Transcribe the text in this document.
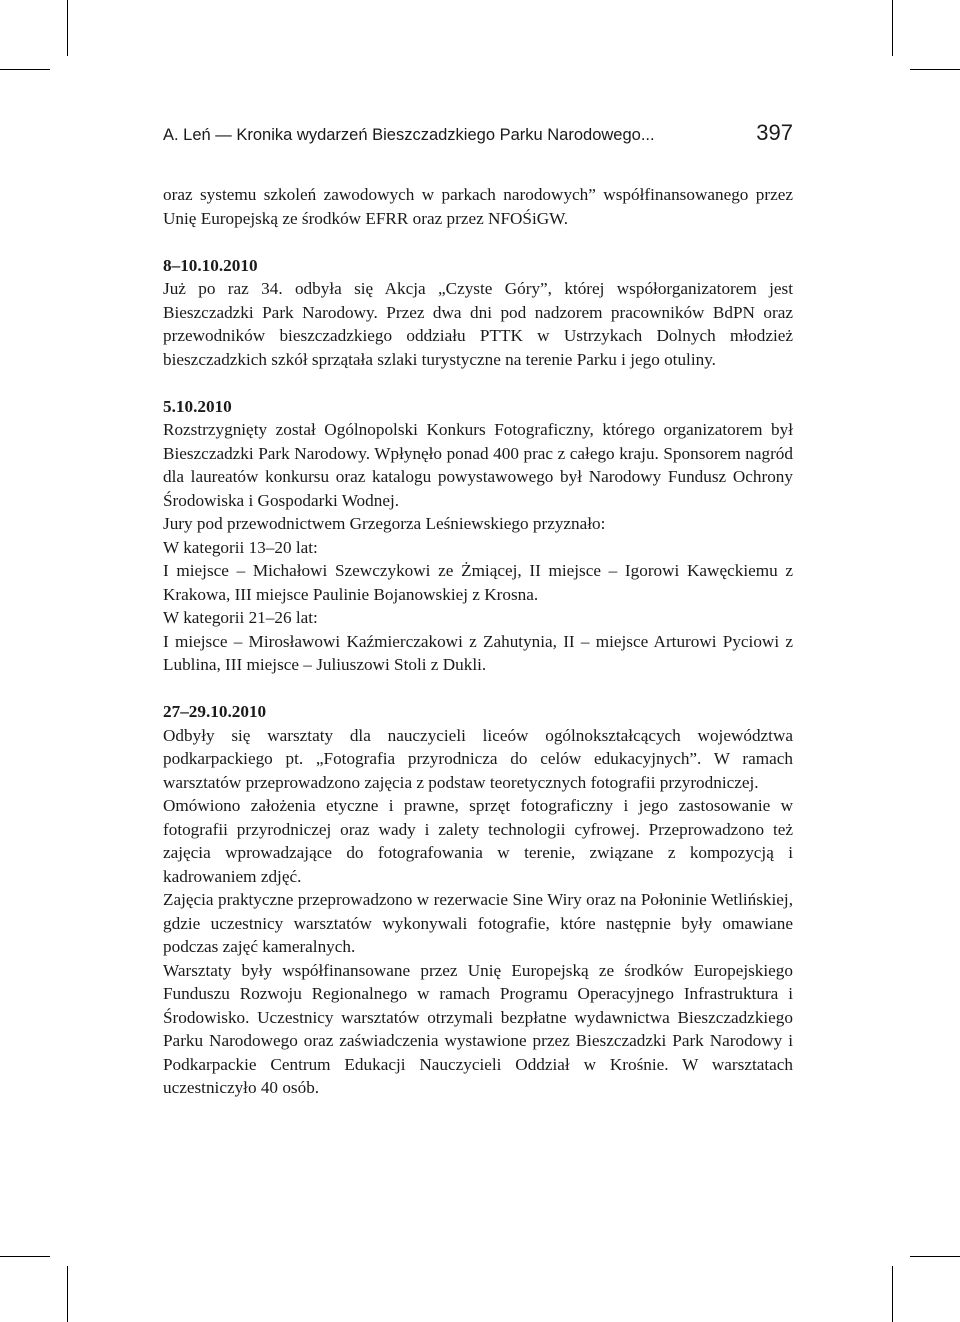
A. Leń — Kronika wydarzeń Bieszczadzkiego Parku Narodowego...	397

oraz systemu szkoleń zawodowych w parkach narodowych” współfinansowanego przez Unię Europejską ze środków EFRR oraz przez NFOŚiGW.

8–10.10.2010

Już po raz 34. odbyła się Akcja „Czyste Góry”, której współorganizatorem jest Bieszczadzki Park Narodowy. Przez dwa dni pod nadzorem pracowników BdPN oraz przewodników bieszczadzkiego oddziału PTTK w Ustrzykach Dolnych młodzież bieszczadzkich szkół sprzątała szlaki turystyczne na terenie Parku i jego otuliny.

5.10.2010

Rozstrzygnięty został Ogólnopolski Konkurs Fotograficzny, którego organizatorem był Bieszczadzki Park Narodowy. Wpłynęło ponad 400 prac z całego kraju. Sponsorem nagród dla laureatów konkursu oraz katalogu powystawowego był Narodowy Fundusz Ochrony Środowiska i Gospodarki Wodnej.

Jury pod przewodnictwem Grzegorza Leśniewskiego przyznało:

W kategorii 13–20 lat:

I miejsce – Michałowi Szewczykowi ze Żmiącej, II miejsce – Igorowi Kawęckiemu z Krakowa, III miejsce Paulinie Bojanowskiej z Krosna.

W kategorii 21–26 lat:

I miejsce – Mirosławowi Kaźmierczakowi z Zahutynia, II – miejsce Arturowi Pyciowi z Lublina, III miejsce – Juliuszowi Stoli z Dukli.

27–29.10.2010

Odbyły się warsztaty dla nauczycieli liceów ogólnokształcących województwa podkarpackiego pt. „Fotografia przyrodnicza do celów edukacyjnych”. W ramach warsztatów przeprowadzono zajęcia z podstaw teoretycznych fotografii przyrodniczej.

Omówiono założenia etyczne i prawne, sprzęt fotograficzny i jego zastosowanie w fotografii przyrodniczej oraz wady i zalety technologii cyfrowej. Przeprowadzono też zajęcia wprowadzające do fotografowania w terenie, związane z kompozycją i kadrowaniem zdjęć.

Zajęcia praktyczne przeprowadzono w rezerwacie Sine Wiry oraz na Połoninie Wetlińskiej, gdzie uczestnicy warsztatów wykonywali fotografie, które następnie były omawiane podczas zajęć kameralnych.

Warsztaty były współfinansowane przez Unię Europejską ze środków Europejskiego Funduszu Rozwoju Regionalnego w ramach Programu Operacyjnego Infrastruktura i Środowisko. Uczestnicy warsztatów otrzymali bezpłatne wydawnictwa Bieszczadzkiego Parku Narodowego oraz zaświadczenia wystawione przez Bieszczadzki Park Narodowy i Podkarpackie Centrum Edukacji Nauczycieli Oddział w Krośnie. W warsztatach uczestniczyło 40 osób.
